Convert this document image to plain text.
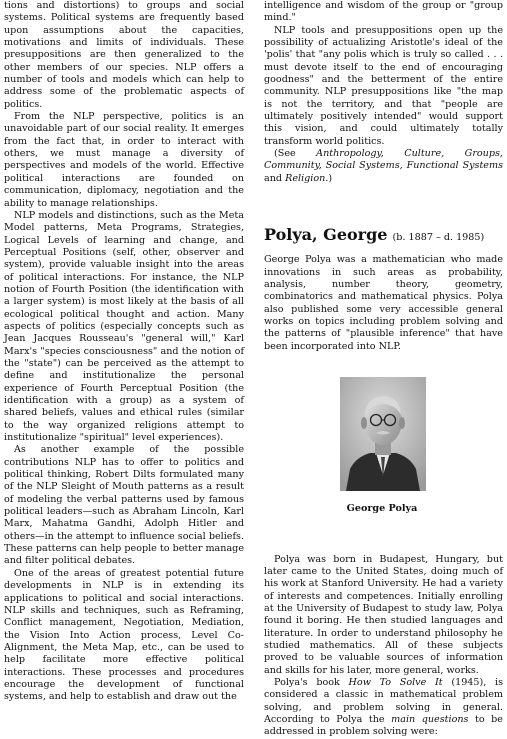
tions and distortions) to groups and social systems. Political systems are frequently based upon assumptions about the capacities, motivations and limits of individuals. These presuppositions are then generalized to the other members of our species. NLP offers a number of tools and models which can help to address some of the problematic aspects of politics.

From the NLP perspective, politics is an unavoidable part of our social reality. It emerges from the fact that, in order to interact with others, we must manage a diversity of perspectives and models of the world. Effective political interactions are founded on communication, diplomacy, negotiation and the ability to manage relationships.

NLP models and distinctions, such as the Meta Model patterns, Meta Programs, Strategies, Logical Levels of learning and change, and Perceptual Positions (self, other, observer and system), provide valuable insight into the areas of political interactions. For instance, the NLP notion of Fourth Position (the identification with a larger system) is most likely at the basis of all ecological political thought and action. Many aspects of politics (especially concepts such as Jean Jacques Rousseau's "general will," Karl Marx's "species consciousness" and the notion of the "state") can be perceived as the attempt to define and institutionalize the personal experience of Fourth Perceptual Position (the identification with a group) as a system of shared beliefs, values and ethical rules (similar to the way organized religions attempt to institutionalize "spiritual" level experiences).

As another example of the possible contributions NLP has to offer to politics and political thinking, Robert Dilts formulated many of the NLP Sleight of Mouth patterns as a result of modeling the verbal patterns used by famous political leaders—such as Abraham Lincoln, Karl Marx, Mahatma Gandhi, Adolph Hitler and others—in the attempt to influence social beliefs. These patterns can help people to better manage and filter political debates.

One of the areas of greatest potential future developments in NLP is in extending its applications to political and social interactions. NLP skills and techniques, such as Reframing, Conflict management, Negotiation, Mediation, the Vision Into Action process, Level Co-Alignment, the Meta Map, etc., can be used to help facilitate more effective political interactions. These processes and procedures encourage the development of functional systems, and help to establish and draw out the

intelligence and wisdom of the group or "group mind."

NLP tools and presuppositions open up the possibility of actualizing Aristotle's ideal of the 'polis' that "any polis which is truly so called . . . must devote itself to the end of encouraging goodness" and the betterment of the entire community. NLP presuppositions like "the map is not the territory, and that "people are ultimately positively intended" would support this vision, and could ultimately totally transform world politics.

(See Anthropology, Culture, Groups, Community, Social Systems, Functional Systems and Religion.)

Polya, George (b. 1887 – d. 1985)

George Polya was a mathematician who made innovations in such areas as probability, analysis, number theory, geometry, combinatorics and mathematical physics. Polya also published some very accessible general works on topics including problem solving and the patterns of "plausible inference" that have been incorporated into NLP.

George Polya

Polya was born in Budapest, Hungary, but later came to the United States, doing much of his work at Stanford University. He had a variety of interests and competences. Initially enrolling at the University of Budapest to study law, Polya found it boring. He then studied languages and literature. In order to understand philosophy he studied mathematics. All of these subjects proved to be valuable sources of information and skills for his later, more general, works.

Polya's book How To Solve It (1945), is considered a classic in mathematical problem solving, and problem solving in general. According to Polya the main questions to be addressed in problem solving were:
